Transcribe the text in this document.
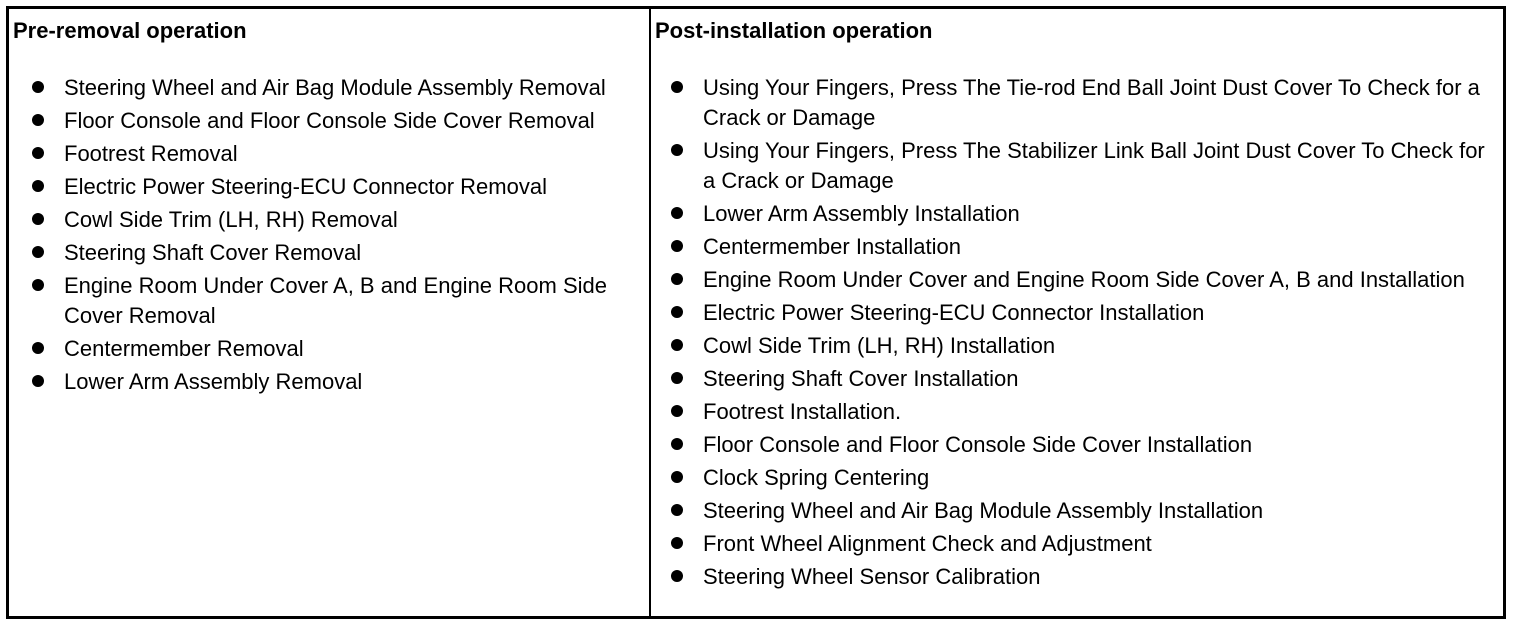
Pre-removal operation
Steering Wheel and Air Bag Module Assembly Removal
Floor Console and Floor Console Side Cover Removal
Footrest Removal
Electric Power Steering-ECU Connector Removal
Cowl Side Trim (LH, RH) Removal
Steering Shaft Cover Removal
Engine Room Under Cover A, B and Engine Room Side Cover Removal
Centermember Removal
Lower Arm Assembly Removal
Post-installation operation
Using Your Fingers, Press The Tie-rod End Ball Joint Dust Cover To Check for a Crack or Damage
Using Your Fingers, Press The Stabilizer Link Ball Joint Dust Cover To Check for a Crack or Damage
Lower Arm Assembly Installation
Centermember Installation
Engine Room Under Cover and Engine Room Side Cover A, B and Installation
Electric Power Steering-ECU Connector Installation
Cowl Side Trim (LH, RH) Installation
Steering Shaft Cover Installation
Footrest Installation.
Floor Console and Floor Console Side Cover Installation
Clock Spring Centering
Steering Wheel and Air Bag Module Assembly Installation
Front Wheel Alignment Check and Adjustment
Steering Wheel Sensor Calibration
